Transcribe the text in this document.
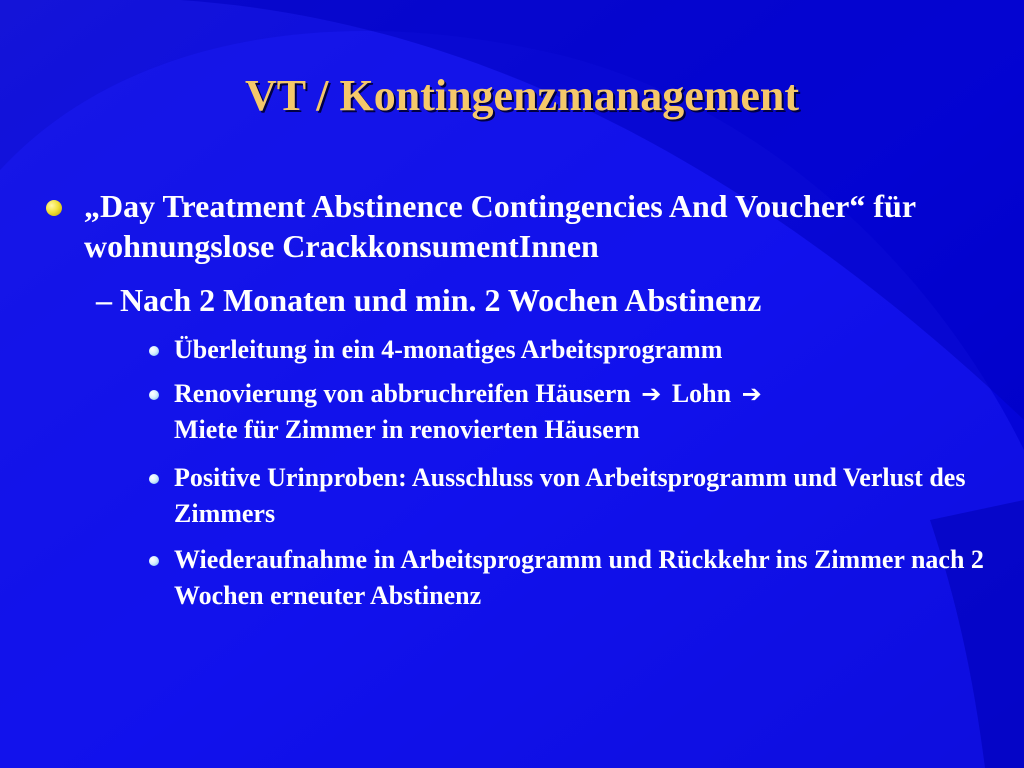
VT / Kontingenzmanagement
„Day Treatment Abstinence Contingencies And Voucher“ für wohnungslose CrackkonsumentInnen
– Nach 2 Monaten und min. 2 Wochen Abstinenz
Überleitung in ein 4-monatiges Arbeitsprogramm
Renovierung von abbruchreifen Häusern ➔ Lohn ➔
Miete für Zimmer in renovierten Häusern
Positive Urinproben: Ausschluss von Arbeitsprogramm und Verlust des Zimmers
Wiederaufnahme in Arbeitsprogramm und Rückkehr ins Zimmer nach 2 Wochen erneuter Abstinenz
